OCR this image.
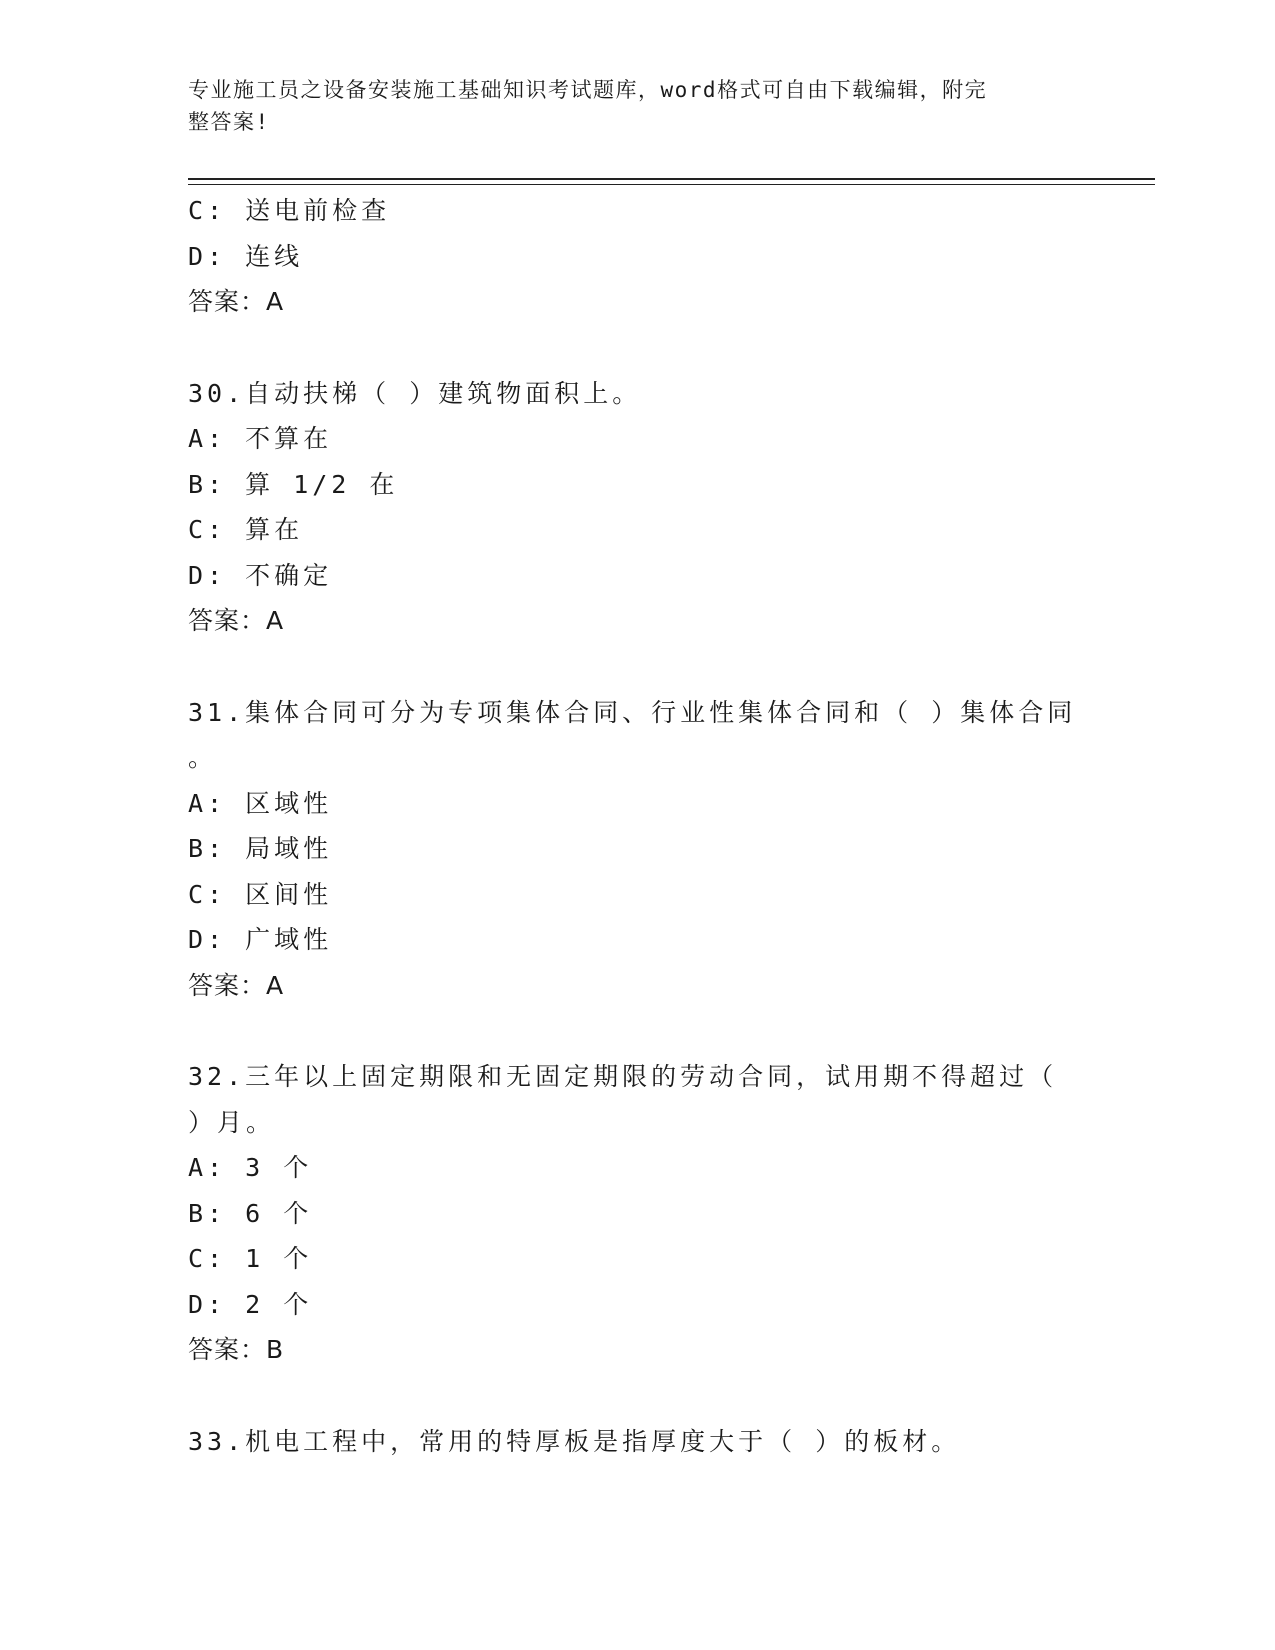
专业施工员之设备安装施工基础知识考试题库，word格式可自由下载编辑，附完
整答案!
C: 送电前检查
D: 连线
答案：A
30.自动扶梯（ ）建筑物面积上。
A: 不算在
B: 算 1/2 在
C: 算在
D: 不确定
答案：A
31.集体合同可分为专项集体合同、行业性集体合同和（ ）集体合同
。
A: 区域性
B: 局域性
C: 区间性
D: 广域性
答案：A
32.三年以上固定期限和无固定期限的劳动合同，试用期不得超过（
）月。
A: 3 个
B: 6 个
C: 1 个
D: 2 个
答案：B
33.机电工程中，常用的特厚板是指厚度大于（ ）的板材。
